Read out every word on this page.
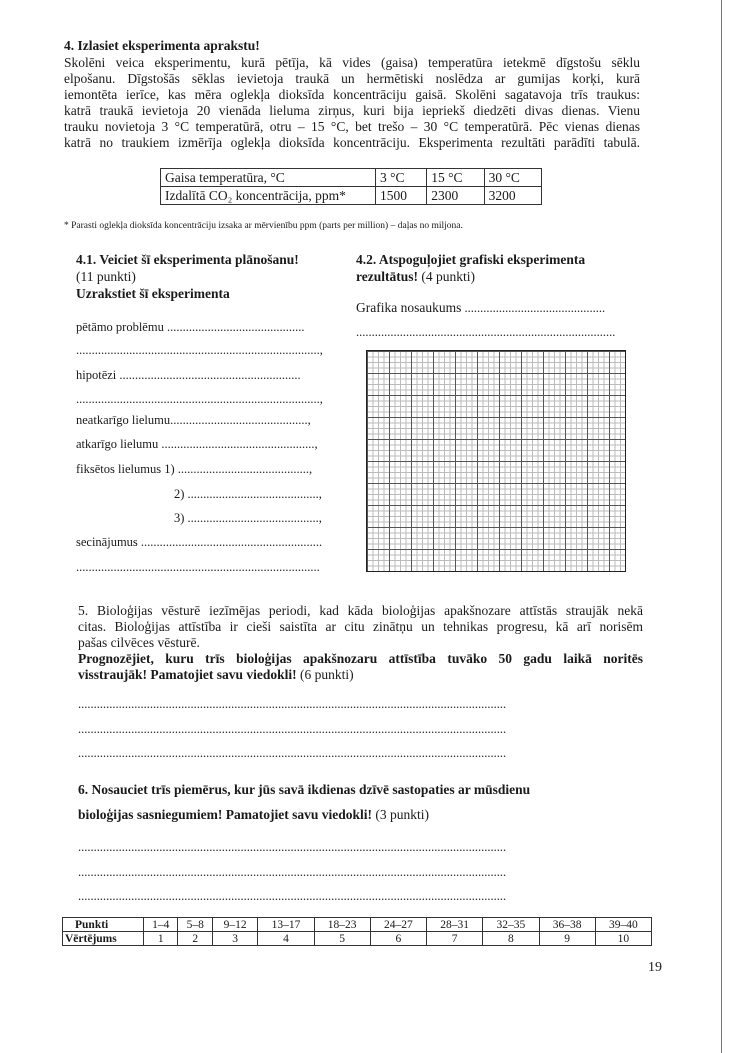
4. Izlasiet eksperimenta aprakstu!
Skolēni veica eksperimentu, kurā pētīja, kā vides (gaisa) temperatūra ietekmē dīgstošu sēklu
elpošanu. Dīgstošās sēklas ievietoja traukā un hermētiski noslēdza ar gumijas korķi, kurā
iemontēta ierīce, kas mēra oglekļa dioksīda koncentrāciju gaisā. Skolēni sagatavoja trīs traukus:
katrā traukā ievietoja 20 vienāda lieluma zirņus, kuri bija iepriekš diedzēti divas dienas. Vienu
trauku novietoja 3 °C temperatūrā, otru – 15 °C, bet trešo – 30 °C temperatūrā. Pēc vienas dienas
katrā no traukiem izmērīja oglekļa dioksīda koncentrāciju. Eksperimenta rezultāti parādīti tabulā.
Gaisa temperatūra, °C	3 °C	15 °C	30 °C
Izdalītā CO₂ koncentrācija, ppm*	1500	2300	3200
* Parasti oglekļa dioksīda koncentrāciju izsaka ar mērvienību ppm (parts per million) – daļas no miljona.
4.1. Veiciet šī eksperimenta plānošanu!
(11 punkti)
Uzrakstiet šī eksperimenta
pētāmo problēmu ............................................
..............................................................................,
hipotēzi ..........................................................
..............................................................................,
neatkarīgo lielumu............................................,
atkarīgo lielumu .................................................,
fiksētos lielumus 1) ..........................................,
2) ..........................................,
3) ..........................................,
secinājumus ..........................................................
..............................................................................
4.2. Atspoguļojiet grafiski eksperimenta
rezultātus! (4 punkti)
Grafika nosaukums .............................................
...................................................................................
5. Bioloģijas vēsturē iezīmējas periodi, kad kāda bioloģijas apakšnozare attīstās straujāk nekā
citas. Bioloģijas attīstība ir cieši saistīta ar citu zinātņu un tehnikas progresu, kā arī norisēm
pašas cilvēces vēsturē.
Prognozējiet, kuru trīs bioloģijas apakšnozaru attīstība tuvāko 50 gadu laikā noritēs
visstraujāk! Pamatojiet savu viedokli! (6 punkti)
.........................................................................................................................................
.........................................................................................................................................
.........................................................................................................................................
6. Nosauciet trīs piemērus, kur jūs savā ikdienas dzīvē sastopaties ar mūsdienu
bioloģijas sasniegumiem! Pamatojiet savu viedokli! (3 punkti)
.........................................................................................................................................
.........................................................................................................................................
.........................................................................................................................................
Punkti	1–4	5–8	9–12	13–17	18–23	24–27	28–31	32–35	36–38	39–40
Vērtējums	1	2	3	4	5	6	7	8	9	10
19
